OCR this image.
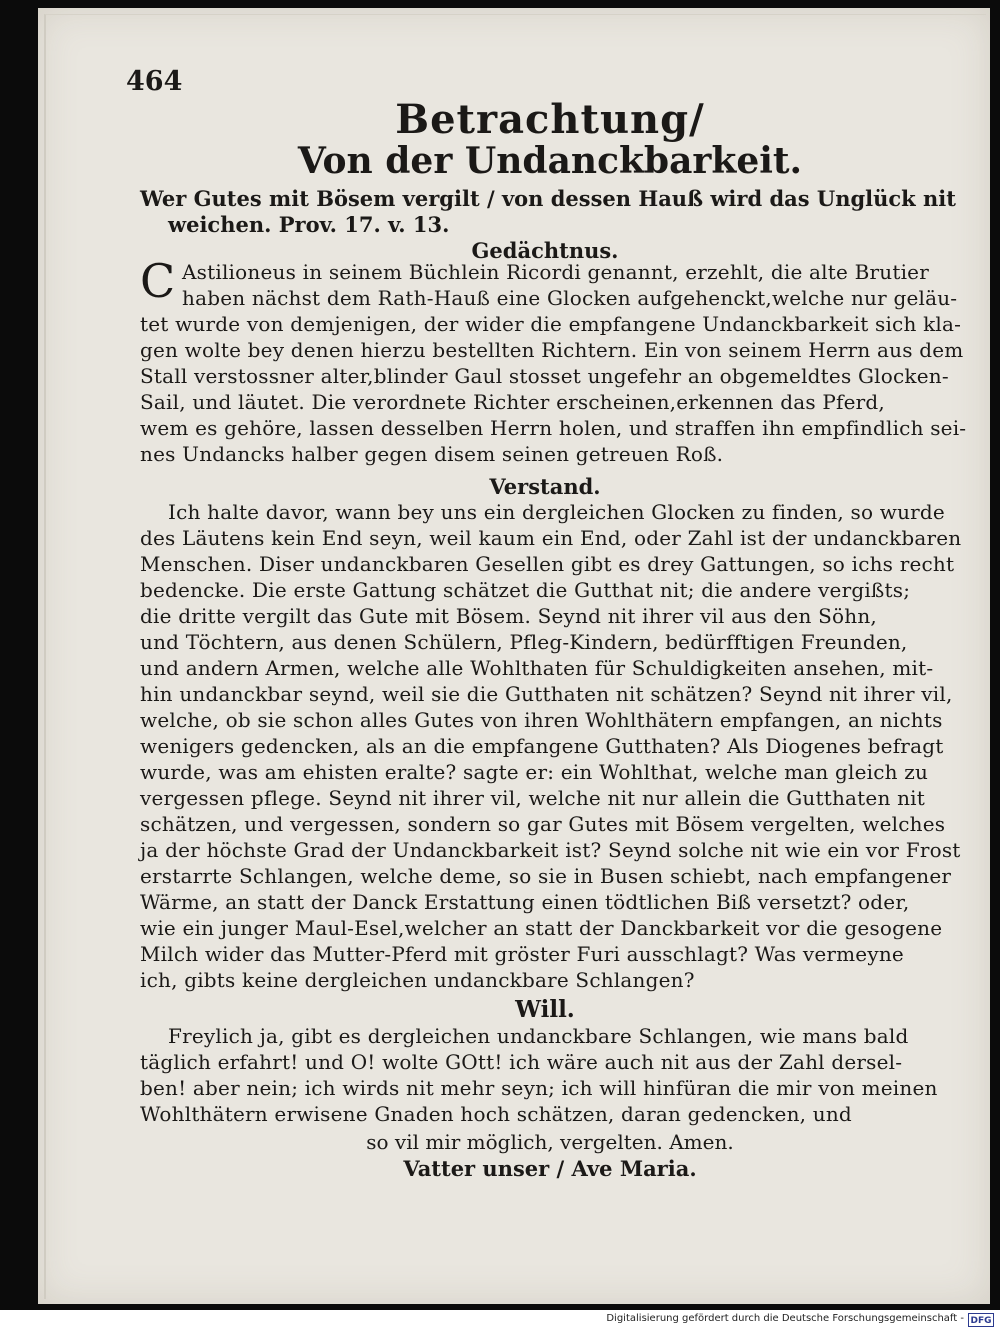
464

Betrachtung/

Von der Undanckbarkeit.

Wer Gutes mit Bösem vergilt / von dessen Hauß wird das Unglück nit

weichen. Prov. 17. v. 13.

Gedächtnus.

C Astilioneus in seinem Büchlein Ricordi genannt, erzehlt, die alte Brutier

haben nächst dem Rath-Hauß eine Glocken aufgehenckt,welche nur geläu-

tet wurde von demjenigen, der wider die empfangene Undanckbarkeit sich kla-

gen wolte bey denen hierzu bestellten Richtern. Ein von seinem Herrn aus dem

Stall verstossner alter,blinder Gaul stosset ungefehr an obgemeldtes Glocken-

Sail, und läutet. Die verordnete Richter erscheinen,erkennen das Pferd,

wem es gehöre, lassen desselben Herrn holen, und straffen ihn empfindlich sei-

nes Undancks halber gegen disem seinen getreuen Roß.

Verstand.

Ich halte davor, wann bey uns ein dergleichen Glocken zu finden, so wurde

des Läutens kein End seyn, weil kaum ein End, oder Zahl ist der undanckbaren

Menschen. Diser undanckbaren Gesellen gibt es drey Gattungen, so ichs recht

bedencke. Die erste Gattung schätzet die Gutthat nit; die andere vergißts;

die dritte vergilt das Gute mit Bösem. Seynd nit ihrer vil aus den Söhn,

und Töchtern, aus denen Schülern, Pfleg-Kindern, bedürfftigen Freunden,

und andern Armen, welche alle Wohlthaten für Schuldigkeiten ansehen, mit-

hin undanckbar seynd, weil sie die Gutthaten nit schätzen? Seynd nit ihrer vil,

welche, ob sie schon alles Gutes von ihren Wohlthätern empfangen, an nichts

wenigers gedencken, als an die empfangene Gutthaten? Als Diogenes befragt

wurde, was am ehisten eralte? sagte er: ein Wohlthat, welche man gleich zu

vergessen pflege. Seynd nit ihrer vil, welche nit nur allein die Gutthaten nit

schätzen, und vergessen, sondern so gar Gutes mit Bösem vergelten, welches

ja der höchste Grad der Undanckbarkeit ist? Seynd solche nit wie ein vor Frost

erstarrte Schlangen, welche deme, so sie in Busen schiebt, nach empfangener

Wärme, an statt der Danck Erstattung einen tödtlichen Biß versetzt? oder,

wie ein junger Maul-Esel,welcher an statt der Danckbarkeit vor die gesogene

Milch wider das Mutter-Pferd mit gröster Furi ausschlagt? Was vermeyne

ich, gibts keine dergleichen undanckbare Schlangen?

Will.

Freylich ja, gibt es dergleichen undanckbare Schlangen, wie mans bald

täglich erfahrt! und O! wolte GOtt! ich wäre auch nit aus der Zahl dersel-

ben! aber nein; ich wirds nit mehr seyn; ich will hinfüran die mir von meinen

Wohlthätern erwisene Gnaden hoch schätzen, daran gedencken, und

so vil mir möglich, vergelten. Amen.

Vatter unser / Ave Maria.

Digitalisierung gefördert durch die Deutsche Forschungsgemeinschaft - DFG
